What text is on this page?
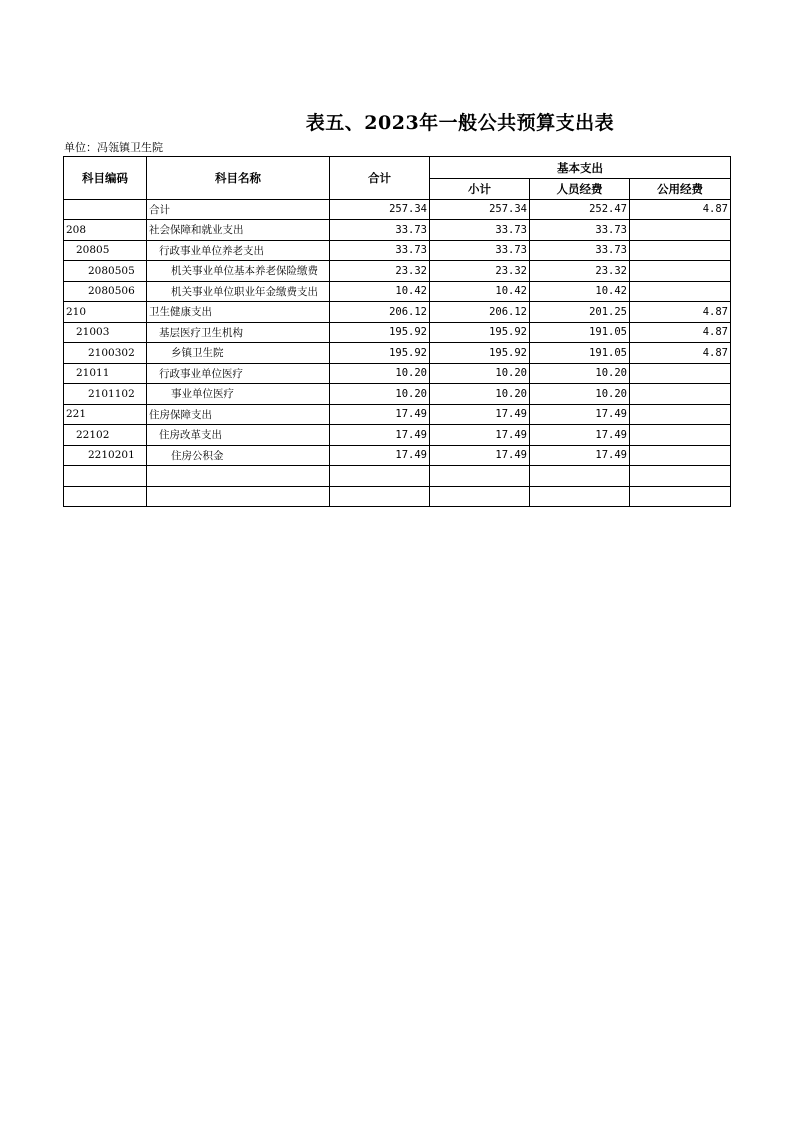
表五、2023年一般公共预算支出表
单位：冯瓴镇卫生院
科目编码	科目名称	合计	基本支出		
			小计	人员经费	公用经费
	合计	257.34	257.34	252.47	4.87
208	社会保障和就业支出	33.73	33.73	33.73	
20805	行政事业单位养老支出	33.73	33.73	33.73	
2080505	机关事业单位基本养老保险缴费	23.32	23.32	23.32	
2080506	机关事业单位职业年金缴费支出	10.42	10.42	10.42	
210	卫生健康支出	206.12	206.12	201.25	4.87
21003	基层医疗卫生机构	195.92	195.92	191.05	4.87
2100302	乡镇卫生院	195.92	195.92	191.05	4.87
21011	行政事业单位医疗	10.20	10.20	10.20	
2101102	事业单位医疗	10.20	10.20	10.20	
221	住房保障支出	17.49	17.49	17.49	
22102	住房改革支出	17.49	17.49	17.49	
2210201	住房公积金	17.49	17.49	17.49	
